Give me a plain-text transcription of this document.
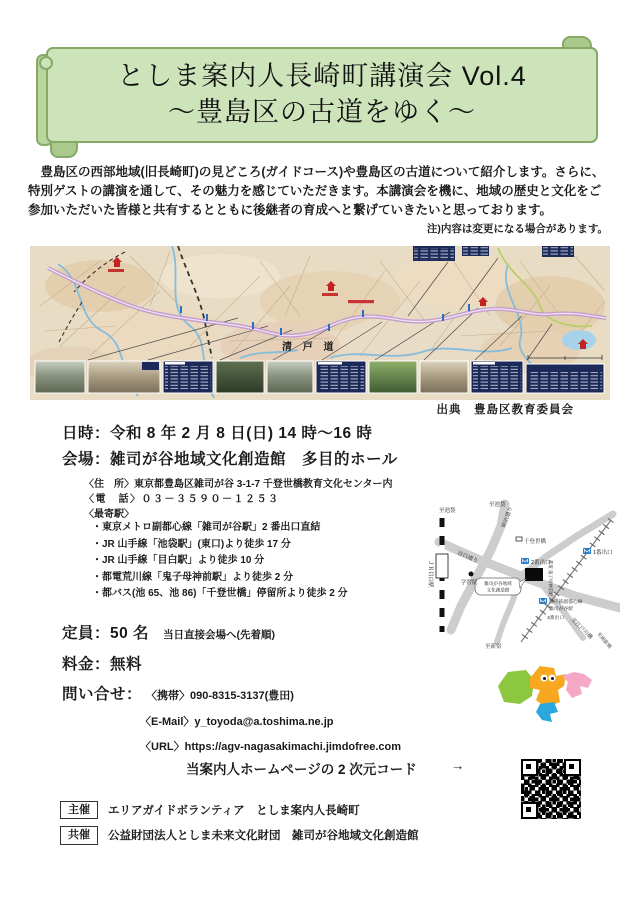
としま案内人長崎町講演会 Vol.4
～豊島区の古道をゆく～
豊島区の西部地域(旧長崎町)の見どころ(ガイドコース)や豊島区の古道について紹介します。さらに、特別ゲストの講演を通して、その魅力を感じていただきます。本講演会を機に、地域の歴史と文化をご参加いただいた皆様と共有するとともに後継者の育成へと繋げていきたいと思っております。
注)内容は変更になる場合があります。
清 戸 道
出典　豊島区教育委員会
日時：令和 8 年 2 月 8 日(日) 14 時～16 時
会場：雑司が谷地域文化創造館　多目的ホール
〈住　所〉東京都豊島区雑司が谷 3-1-7 千登世橋教育文化センター内
〈電　話〉０３－３５９０－１２５３
〈最寄駅〉
・東京メトロ副都心線「雑司が谷駅」2 番出口直結
・JR 山手線「池袋駅」(東口)より徒歩 17 分
・JR 山手線「目白駅」より徒歩 10 分
・都電荒川線「鬼子母神前駅」より徒歩 2 分
・都バス(池 65、池 86)「千登世橋」停留所より徒歩 2 分
定員：50 名 当日直接会場へ(先着順)
料金：無料
問い合せ： 〈携帯〉090-8315-3137(豊田)
〈E-Mail〉y_toyoda@a.toshima.ne.jp
〈URL〉https://agv-nagasakimachi.jimdofree.com
当案内人ホームページの 2 次元コード	→
主催	エリアガイドボランティア　としま案内人長崎町
共催	公益財団法人としま未来文化財団　雑司が谷地域文化創造館
至池袋
至池袋
明治通り
目白通り
千登世橋
学習院
ＪＲ目白駅
至新宿
雑司が谷地域
文化創造館
2番出口
1番出口
都電 鬼子母神前駅
地下鉄副都心線
雑司が谷駅
3番出口 至江戸川橋
至面影橋
